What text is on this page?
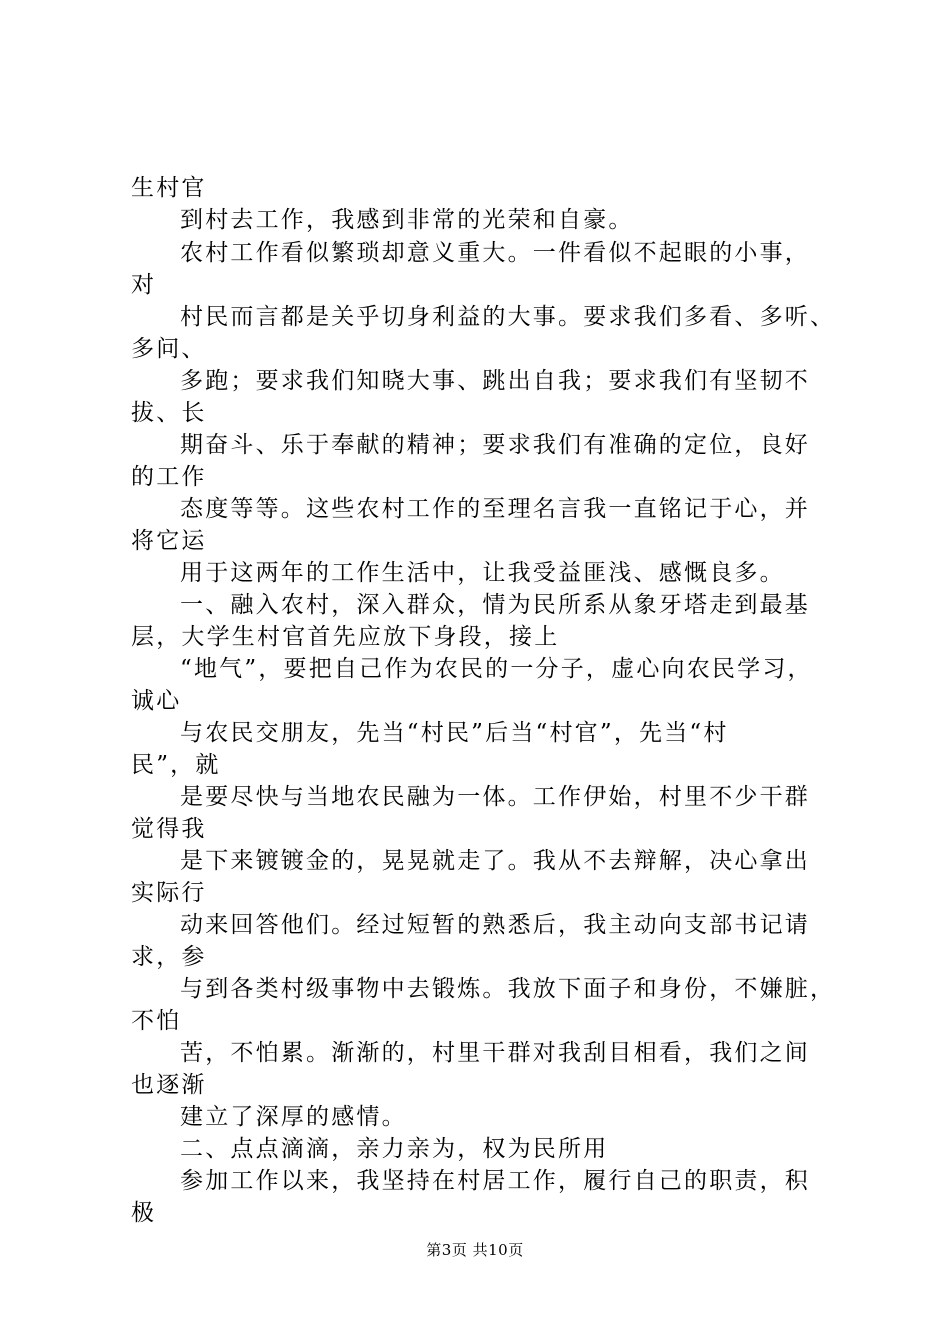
生村官
到村去工作，我感到非常的光荣和自豪。
农村工作看似繁琐却意义重大。一件看似不起眼的小事，
对
村民而言都是关乎切身利益的大事。要求我们多看、多听、
多问、
多跑；要求我们知晓大事、跳出自我；要求我们有坚韧不
拔、长
期奋斗、乐于奉献的精神；要求我们有准确的定位，良好
的工作
态度等等。这些农村工作的至理名言我一直铭记于心，并
将它运
用于这两年的工作生活中，让我受益匪浅、感慨良多。
一、融入农村，深入群众，情为民所系从象牙塔走到最基
层，大学生村官首先应放下身段，接上
“地气”，要把自己作为农民的一分子，虚心向农民学习，
诚心
与农民交朋友，先当“村民”后当“村官”，先当“村
民”，就
是要尽快与当地农民融为一体。工作伊始，村里不少干群
觉得我
是下来镀镀金的，晃晃就走了。我从不去辩解，决心拿出
实际行
动来回答他们。经过短暂的熟悉后，我主动向支部书记请
求，参
与到各类村级事物中去锻炼。我放下面子和身份，不嫌脏，
不怕
苦，不怕累。渐渐的，村里干群对我刮目相看，我们之间
也逐渐
建立了深厚的感情。
二、点点滴滴，亲力亲为，权为民所用
参加工作以来，我坚持在村居工作，履行自己的职责，积
极
第3页 共10页
